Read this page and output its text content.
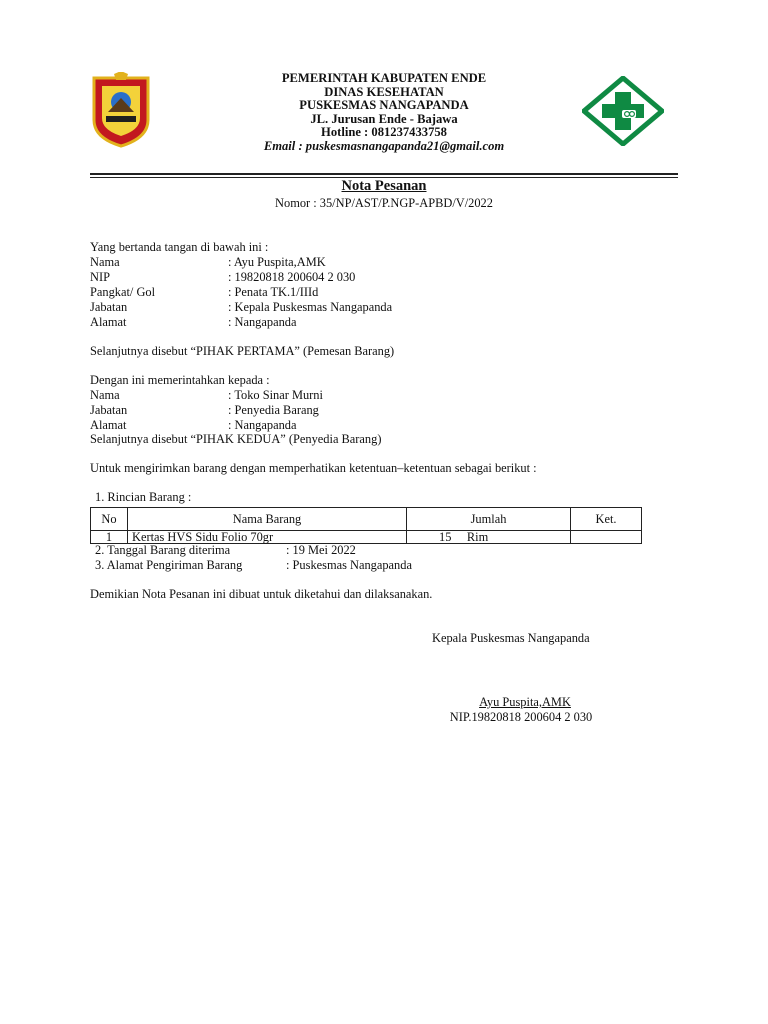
PEMERINTAH KABUPATEN ENDE
DINAS KESEHATAN
PUSKESMAS NANGAPANDA
JL. Jurusan Ende - Bajawa
Hotline : 081237433758
Email : puskesmasnangapanda21@gmail.com
Nota Pesanan
Nomor : 35/NP/AST/P.NGP-APBD/V/2022
Yang bertanda tangan di bawah ini :
Nama	: Ayu Puspita,AMK
NIP	: 19820818 200604 2 030
Pangkat/ Gol	: Penata TK.1/IIId
Jabatan	: Kepala Puskesmas Nangapanda
Alamat	: Nangapanda
Selanjutnya disebut “PIHAK PERTAMA” (Pemesan Barang)
Dengan ini memerintahkan kepada :
Nama	: Toko Sinar Murni
Jabatan	: Penyedia Barang
Alamat	: Nangapanda
Selanjutnya disebut “PIHAK KEDUA” (Penyedia Barang)
Untuk mengirimkan barang dengan memperhatikan ketentuan–ketentuan sebagai berikut :
1. Rincian Barang :
No	Nama Barang	Jumlah	Ket.
1	Kertas HVS Sidu Folio 70gr	15     Rim	
2. Tanggal Barang diterima	: 19 Mei 2022
3. Alamat Pengiriman Barang	: Puskesmas Nangapanda
Demikian Nota Pesanan ini dibuat untuk diketahui dan dilaksanakan.
Kepala Puskesmas Nangapanda
Ayu Puspita,AMK
NIP.19820818 200604 2 030
